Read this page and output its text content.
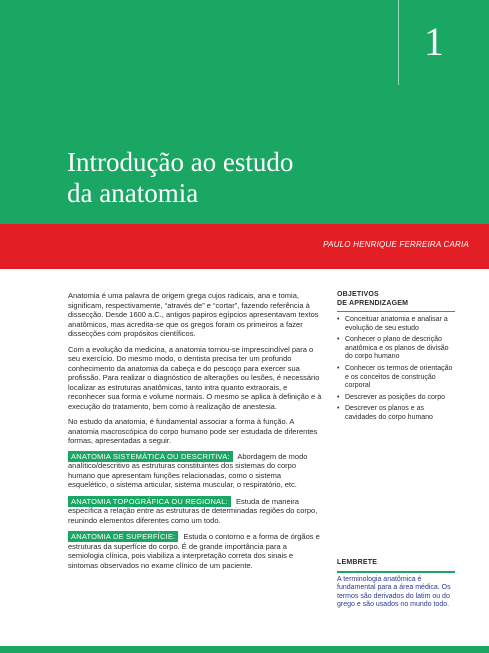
1
Introdução ao estudo
da anatomia
PAULO HENRIQUE FERREIRA CARIA

Anatomia é uma palavra de origem grega cujos radicais, ana e tomia, significam, respectivamente, “através de” e “cortar”, fazendo referência à dissecção. Desde 1600 a.C., antigos papiros egípcios apresentavam textos anatômicos, mas acredita-se que os gregos foram os primeiros a fazer dissecções com propósitos científicos.

Com a evolução da medicina, a anatomia tornou-se imprescindível para o seu exercício. Do mesmo modo, o dentista precisa ter um profundo conhecimento da anatomia da cabeça e do pescoço para exercer sua profissão. Para realizar o diagnóstico de alterações ou lesões, é necessário localizar as estruturas anatômicas, tanto intra quanto extraorais, e reconhecer sua forma e volume normais. O mesmo se aplica à definição e à execução do tratamento, bem como à realização de anestesia.

No estudo da anatomia, é fundamental associar a forma à função. A anatomia macroscópica do corpo humano pode ser estudada de diferentes formas, apresentadas a seguir.

ANATOMIA SISTEMÁTICA OU DESCRITIVA: Abordagem de modo analítico/descritivo as estruturas constituintes dos sistemas do corpo humano que apresentam funções relacionadas, como o sistema esquelético, o sistema articular, sistema muscular, o respiratório, etc.

ANATOMIA TOPOGRÁFICA OU REGIONAL: Estuda de maneira específica a relação entre as estruturas de determinadas regiões do corpo, reunindo elementos diferentes como um todo.

ANATOMIA DE SUPERFÍCIE: Estuda o contorno e a forma de órgãos e estruturas da superfície do corpo. É de grande importância para a semiologia clínica, pois viabiliza a interpretação correta dos sinais e sintomas observados no exame clínico de um paciente.

OBJETIVOS
DE APRENDIZAGEM
• Conceituar anatomia e analisar a evolução de seu estudo
• Conhecer o plano de descrição anatômica e os planos de divisão do corpo humano
• Conhecer os termos de orientação e os conceitos de construção corporal
• Descrever as posições do corpo
• Descrever os planos e as cavidades do corpo humano
LEMBRETE
A terminologia anatômica é fundamental para a área médica. Os termos são derivados do latim ou do grego e são usados no mundo todo.
